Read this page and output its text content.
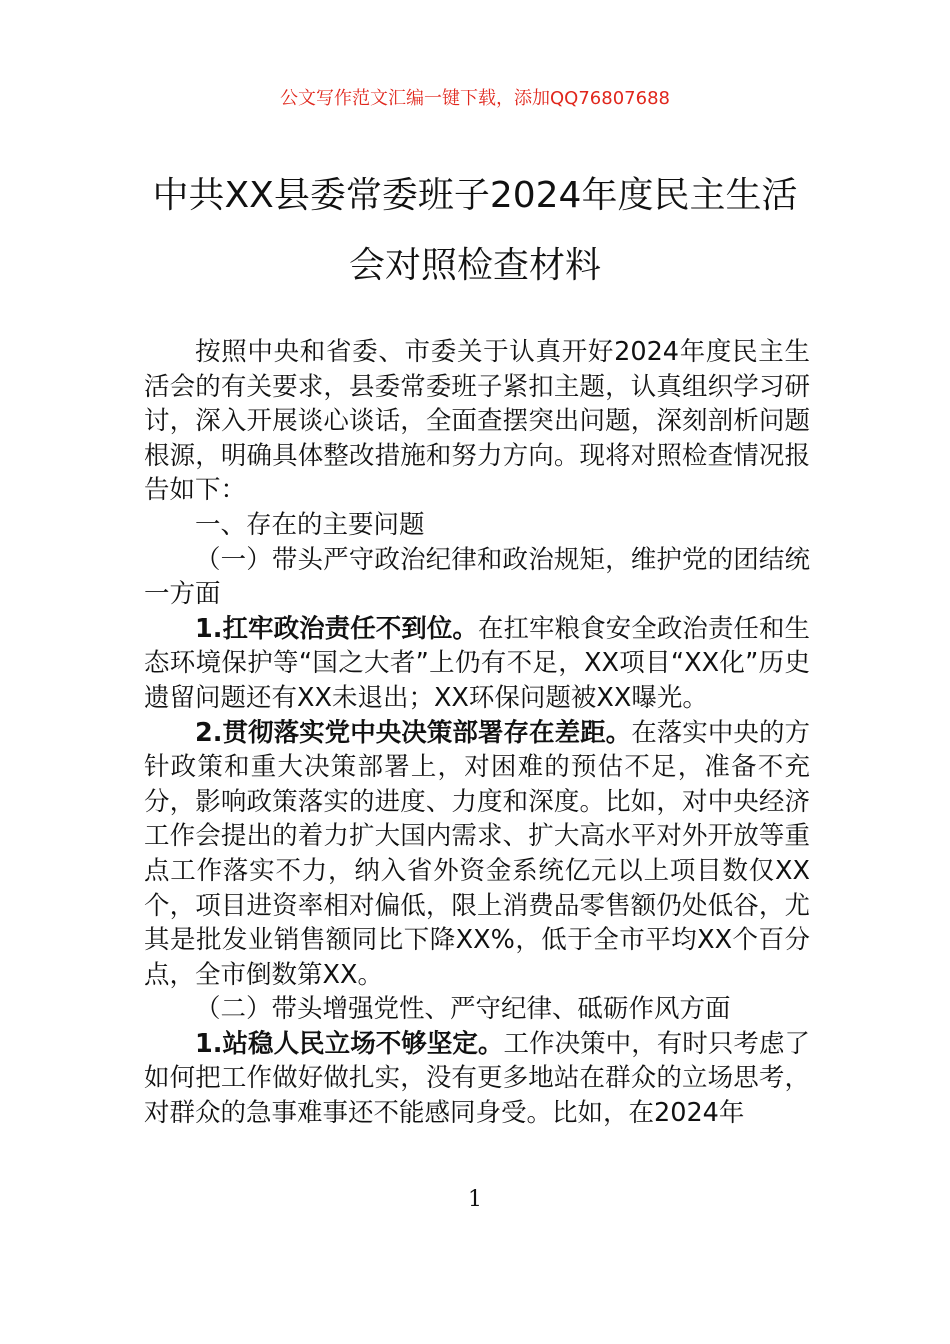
公文写作范文汇编一键下载，添加QQ76807688
中共XX县委常委班子2024年度民主生活
会对照检查材料

按照中央和省委、市委关于认真开好2024年度民主生活会的有关要求，县委常委班子紧扣主题，认真组织学习研讨，深入开展谈心谈话，全面查摆突出问题，深刻剖析问题根源，明确具体整改措施和努力方向。现将对照检查情况报告如下：

一、存在的主要问题

（一）带头严守政治纪律和政治规矩，维护党的团结统一方面

1.扛牢政治责任不到位。在扛牢粮食安全政治责任和生态环境保护等“国之大者”上仍有不足，XX项目“XX化”历史遗留问题还有XX未退出；XX环保问题被XX曝光。

2.贯彻落实党中央决策部署存在差距。在落实中央的方针政策和重大决策部署上，对困难的预估不足，准备不充分，影响政策落实的进度、力度和深度。比如，对中央经济工作会提出的着力扩大国内需求、扩大高水平对外开放等重点工作落实不力，纳入省外资金系统亿元以上项目数仅XX个，项目进资率相对偏低，限上消费品零售额仍处低谷，尤其是批发业销售额同比下降XX%，低于全市平均XX个百分点，全市倒数第XX。

（二）带头增强党性、严守纪律、砥砺作风方面

1.站稳人民立场不够坚定。工作决策中，有时只考虑了如何把工作做好做扎实，没有更多地站在群众的立场思考，对群众的急事难事还不能感同身受。比如，在2024年

1
